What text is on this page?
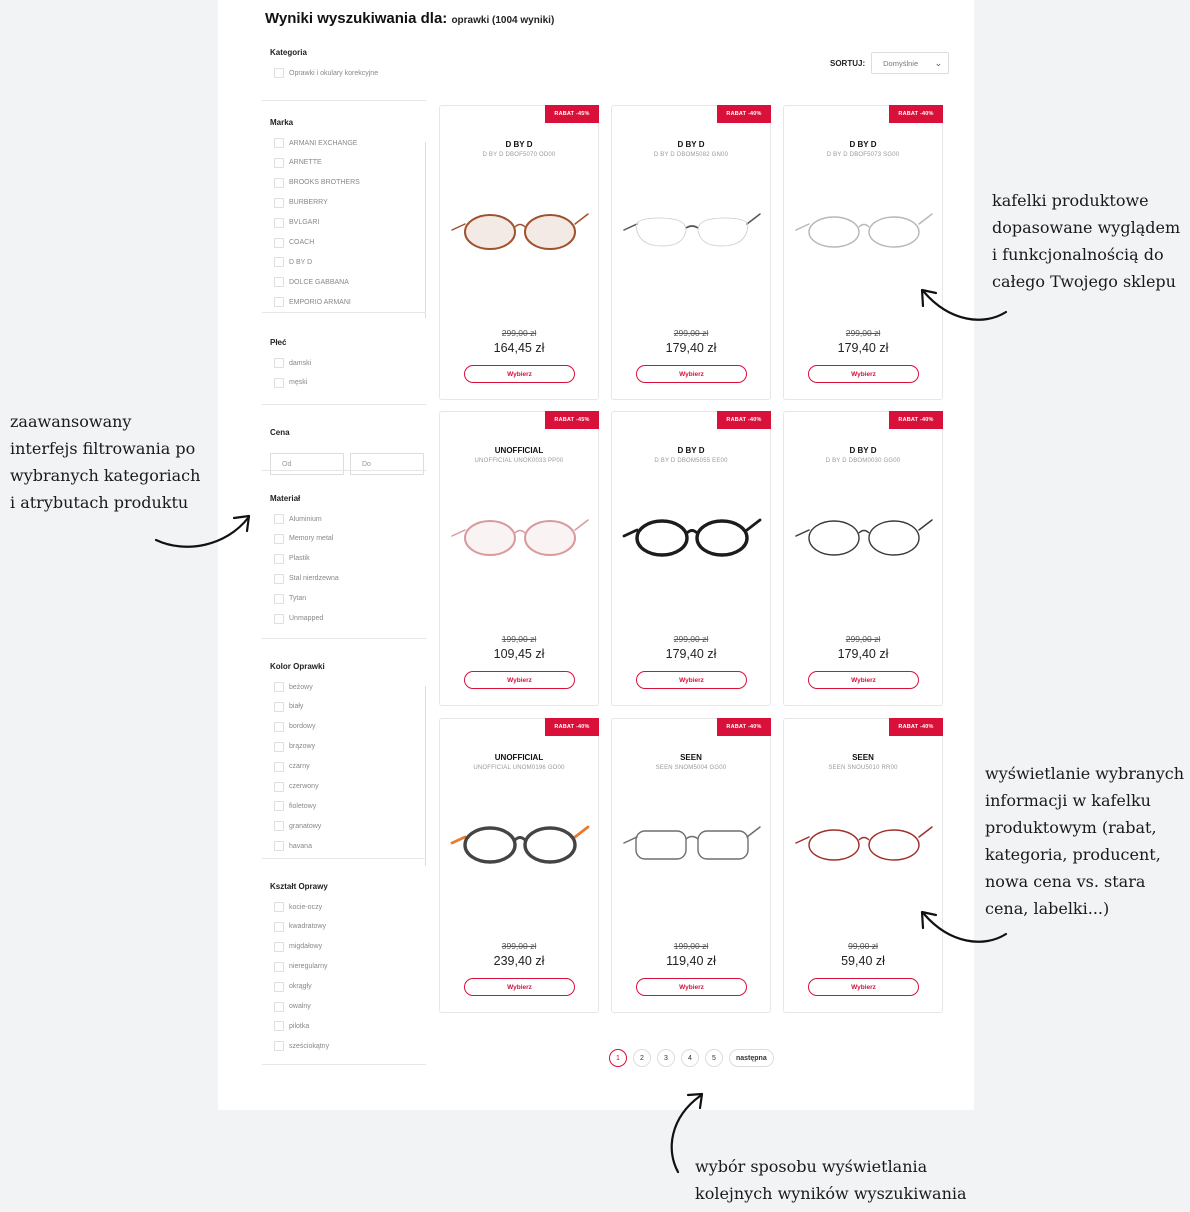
Wyniki wyszukiwania dla: oprawki (1004 wyniki)
SORTUJ: Domyślnie ⌄
Kategoria
Oprawki i okulary korekcyjne
Marka
ARMANI EXCHANGE
ARNETTE
BROOKS BROTHERS
BURBERRY
BVLGARI
COACH
D BY D
DOLCE GABBANA
EMPORIO ARMANI
Płeć
damski
męski
Cena
Od	Do
Materiał
Aluminium
Memory metal
Plastik
Stal nierdzewna
Tytan
Unmapped
Kolor Oprawki
beżowy
biały
bordowy
brązowy
czarny
czerwony
fioletowy
granatowy
havana
Kształt Oprawy
kocie-oczy
kwadratowy
migdałowy
nieregularny
okrągły
owalny
pilotka
sześciokątny
RABAT -45%
D BY D
D BY D DBOF5070 OD00
299,00 zł
164,45 zł
Wybierz
RABAT -40%
D BY D
D BY D DBOM5082 GN00
299,00 zł
179,40 zł
Wybierz
RABAT -40%
D BY D
D BY D DBOF5073 SG00
299,00 zł
179,40 zł
Wybierz
RABAT -45%
UNOFFICIAL
UNOFFICIAL UNOK0033 PP00
199,00 zł
109,45 zł
Wybierz
RABAT -40%
D BY D
D BY D DBOM5055 EE00
299,00 zł
179,40 zł
Wybierz
RABAT -40%
D BY D
D BY D DBOM0030 GG00
299,00 zł
179,40 zł
Wybierz
RABAT -40%
UNOFFICIAL
UNOFFICIAL UNOM0196 GO00
399,00 zł
239,40 zł
Wybierz
RABAT -40%
SEEN
SEEN SNOM5004 GG00
199,00 zł
119,40 zł
Wybierz
RABAT -40%
SEEN
SEEN SNOU5010 RR00
99,00 zł
59,40 zł
Wybierz
1	2	3	4	5	następna
kafelki produktowe
dopasowane wyglądem
i funkcjonalnością do
całego Twojego sklepu
zaawansowany
interfejs filtrowania po
wybranych kategoriach
i atrybutach produktu
wyświetlanie wybranych
informacji w kafelku
produktowym (rabat,
kategoria, producent,
nowa cena vs. stara
cena, labelki...)
wybór sposobu wyświetlania
kolejnych wyników wyszukiwania
